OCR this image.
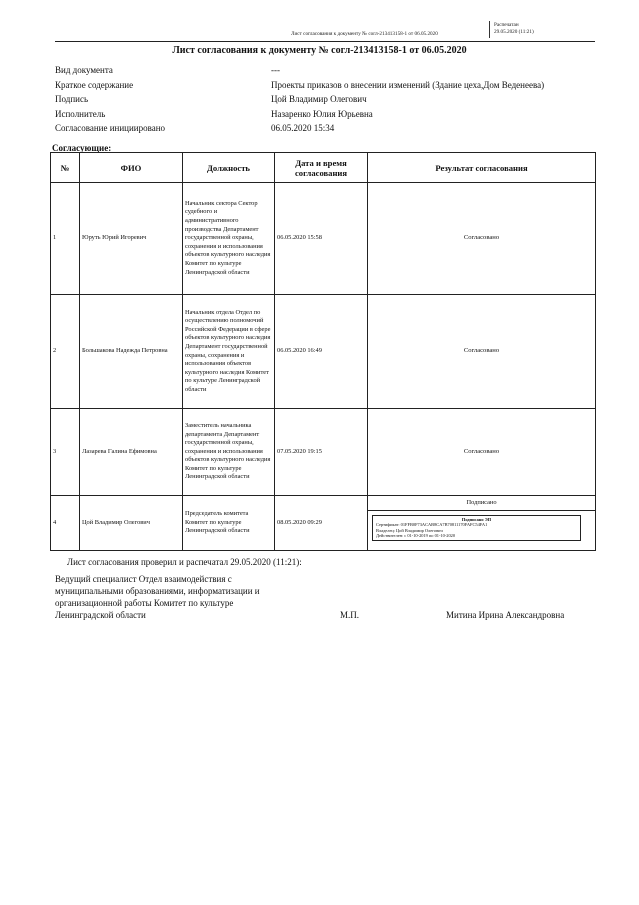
Лист согласования к документу № согл-213413158-1 от 06.05.2020
Распечатан
29.05.2020 (11:21)
Лист согласования к документу № согл-213413158-1 от 06.05.2020
Вид документа	---
Краткое содержание	Проекты приказов о внесении изменений (Здание цеха,Дом Веденеева)
Подпись	Цой Владимир Олегович
Исполнитель	Назаренко Юлия Юрьевна
Согласование инициировано	06.05.2020 15:34
Согласующие:
№	ФИО	Должность	Дата и время согласования	Результат согласования
1	Юруть Юрий Игоревич	Начальник сектора Сектор судебного и административного производства Департамент государственной охраны, сохранения и использования объектов культурного наследия Комитет по культуре Ленинградской области	06.05.2020 15:58	Согласовано
2	Большакова Надежда Петровна	Начальник отдела Отдел по осуществлению полномочий Российской Федерации в сфере объектов культурного наследия Департамент государственной охраны, сохранения и использования объектов культурного наследия Комитет по культуре Ленинградской области	06.05.2020 16:49	Согласовано
3	Лазарева Галина Ефимовна	Заместитель начальника департамента Департамент государственной охраны, сохранения и использования объектов культурного наследия Комитет по культуре Ленинградской области	07.05.2020 19:15	Согласовано
4	Цой Владимир Олегович	Председатель комитета Комитет по культуре Ленинградской области	08.05.2020 09:29	Подписано
Подписано ЭП
Сертификат: 01FFB0F73ACAB8CA7B70811170FAFC54FA1
Владелец: Цой Владимир Олегович
Действителен: с 01-10-2019 по 01-10-2020
Лист согласования проверил и распечатал 29.05.2020 (11:21):
Ведущий специалист Отдел взаимодействия с
муниципальными образованиями, информатизации и
организационной работы Комитет по культуре
Ленинградской области	М.П.	Митина Ирина Александровна
